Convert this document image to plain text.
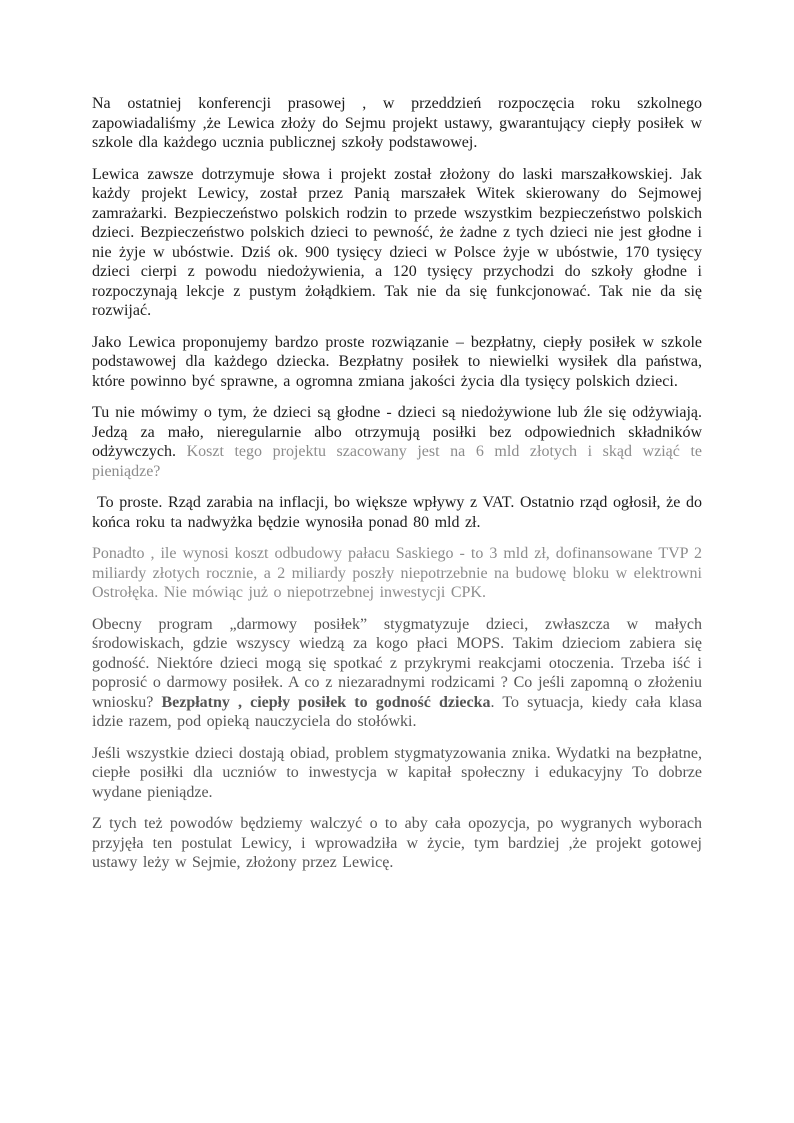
Na ostatniej konferencji prasowej , w przeddzień rozpoczęcia roku szkolnego zapowiadaliśmy ,że Lewica złoży do Sejmu projekt ustawy, gwarantujący ciepły posiłek w szkole dla każdego ucznia publicznej szkoły podstawowej.

Lewica zawsze dotrzymuje słowa i projekt został złożony do laski marszałkowskiej. Jak każdy projekt Lewicy, został przez Panią marszałek Witek skierowany do Sejmowej zamrażarki. Bezpieczeństwo polskich rodzin to przede wszystkim bezpieczeństwo polskich dzieci. Bezpieczeństwo polskich dzieci to pewność, że żadne z tych dzieci nie jest głodne i nie żyje w ubóstwie. Dziś ok. 900 tysięcy dzieci w Polsce żyje w ubóstwie, 170 tysięcy dzieci cierpi z powodu niedożywienia, a 120 tysięcy przychodzi do szkoły głodne i rozpoczynają lekcje z pustym żołądkiem. Tak nie da się funkcjonować. Tak nie da się rozwijać.

Jako Lewica proponujemy bardzo proste rozwiązanie – bezpłatny, ciepły posiłek w szkole podstawowej dla każdego dziecka. Bezpłatny posiłek to niewielki wysiłek dla państwa, które powinno być sprawne, a ogromna zmiana jakości życia dla tysięcy polskich dzieci.

Tu nie mówimy o tym, że dzieci są głodne - dzieci są niedożywione lub źle się odżywiają. Jedzą za mało, nieregularnie albo otrzymują posiłki bez odpowiednich składników odżywczych. Koszt tego projektu szacowany jest na 6 mld złotych i skąd wziąć te pieniądze?

To proste. Rząd zarabia na inflacji, bo większe wpływy z VAT. Ostatnio rząd ogłosił, że do końca roku ta nadwyżka będzie wynosiła ponad 80 mld zł.

Ponadto , ile wynosi koszt odbudowy pałacu Saskiego - to 3 mld zł, dofinansowane TVP 2 miliardy złotych rocznie, a 2 miliardy poszły niepotrzebnie na budowę bloku w elektrowni Ostrołęka. Nie mówiąc już o niepotrzebnej inwestycji CPK.

Obecny program „darmowy posiłek” stygmatyzuje dzieci, zwłaszcza w małych środowiskach, gdzie wszyscy wiedzą za kogo płaci MOPS. Takim dzieciom zabiera się godność. Niektóre dzieci mogą się spotkać z przykrymi reakcjami otoczenia. Trzeba iść i poprosić o darmowy posiłek. A co z niezaradnymi rodzicami ? Co jeśli zapomną o złożeniu wniosku? Bezpłatny , ciepły posiłek to godność dziecka. To sytuacja, kiedy cała klasa idzie razem, pod opieką nauczyciela do stołówki.

Jeśli wszystkie dzieci dostają obiad, problem stygmatyzowania znika. Wydatki na bezpłatne, ciepłe posiłki dla uczniów to inwestycja w kapitał społeczny i edukacyjny To dobrze wydane pieniądze.

Z tych też powodów będziemy walczyć o to aby cała opozycja, po wygranych wyborach przyjęła ten postulat Lewicy, i wprowadziła w życie, tym bardziej ,że projekt gotowej ustawy leży w Sejmie, złożony przez Lewicę.
